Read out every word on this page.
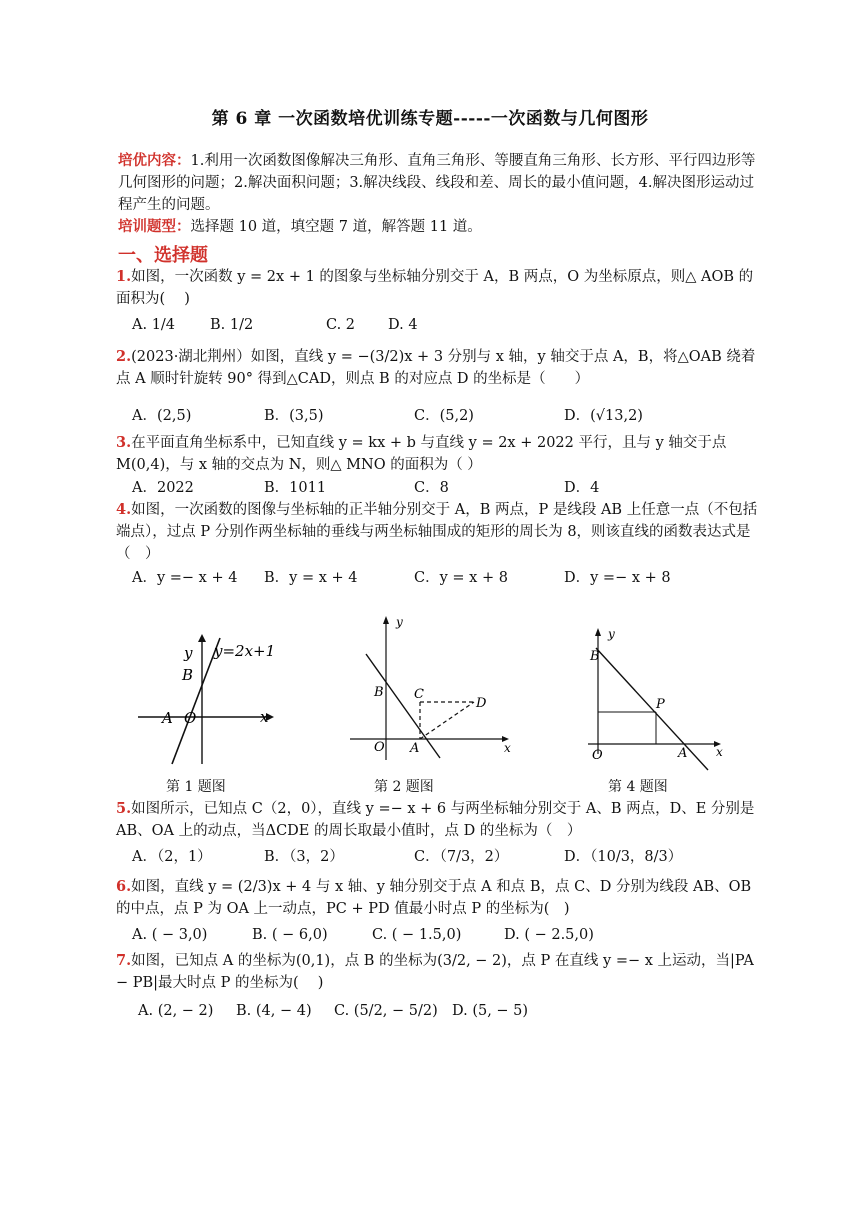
第 6 章 一次函数培优训练专题-----一次函数与几何图形
培优内容：1.利用一次函数图像解决三角形、直角三角形、等腰直角三角形、长方形、平行四边形等几何图形的问题；2.解决面积问题；3.解决线段、线段和差、周长的最小值问题，4.解决图形运动过程产生的问题。
培训题型：选择题 10 道，填空题 7 道，解答题 11 道。
一、选择题
1.如图，一次函数 y = 2x + 1 的图象与坐标轴分别交于 A，B 两点，O 为坐标原点，则△ AOB 的面积为(　 )
A. 1/4 B. 1/2	C. 2 D. 4
2.(2023·湖北荆州）如图，直线 y = −(3/2)x + 3 分别与 x 轴，y 轴交于点 A，B，将△OAB 绕着点 A 顺时针旋转 90° 得到△CAD，则点 B 的对应点 D 的坐标是（　　）
A．(2,5)	B．(3,5)	C．(5,2)	D．(√13,2)
3.在平面直角坐标系中，已知直线 y = kx + b 与直线 y = 2x + 2022 平行，且与 y 轴交于点 M(0,4)，与 x 轴的交点为 N，则△ MNO 的面积为（ ）
A．2022	B．1011	C．8	D．4
4.如图，一次函数的图像与坐标轴的正半轴分别交于 A，B 两点，P 是线段 AB 上任意一点（不包括端点），过点 P 分别作两坐标轴的垂线与两坐标轴围成的矩形的周长为 8，则该直线的函数表达式是（　）
A．y =− x + 4 B．y = x + 4	C．y = x + 8	D．y =− x + 8
y y=2x+1
x
B
A O
第 1 题图
y
x
B C
D
O A
第 2 题图
y
x
B
P
O	A
第 4 题图
5.如图所示，已知点 C（2，0），直线 y =− x + 6 与两坐标轴分别交于 A、B 两点，D、E 分别是 AB、OA 上的动点，当ΔCDE 的周长取最小值时，点 D 的坐标为（　）
A．（2，1）	B．（3，2）	C．（7/3，2）	D．（10/3，8/3）
6.如图，直线 y = (2/3)x + 4 与 x 轴、y 轴分别交于点 A 和点 B，点 C、D 分别为线段 AB、OB 的中点，点 P 为 OA 上一动点，PC + PD 值最小时点 P 的坐标为(　)
A. ( − 3,0)	B. ( − 6,0)	C. ( − 1.5,0)	D. ( − 2.5,0)
7.如图，已知点 A 的坐标为(0,1)，点 B 的坐标为(3/2, − 2)，点 P 在直线 y =− x 上运动，当|PA − PB|最大时点 P 的坐标为(　 )
A. (2, − 2) B. (4, − 4) C. (5/2, − 5/2) D. (5, − 5)
